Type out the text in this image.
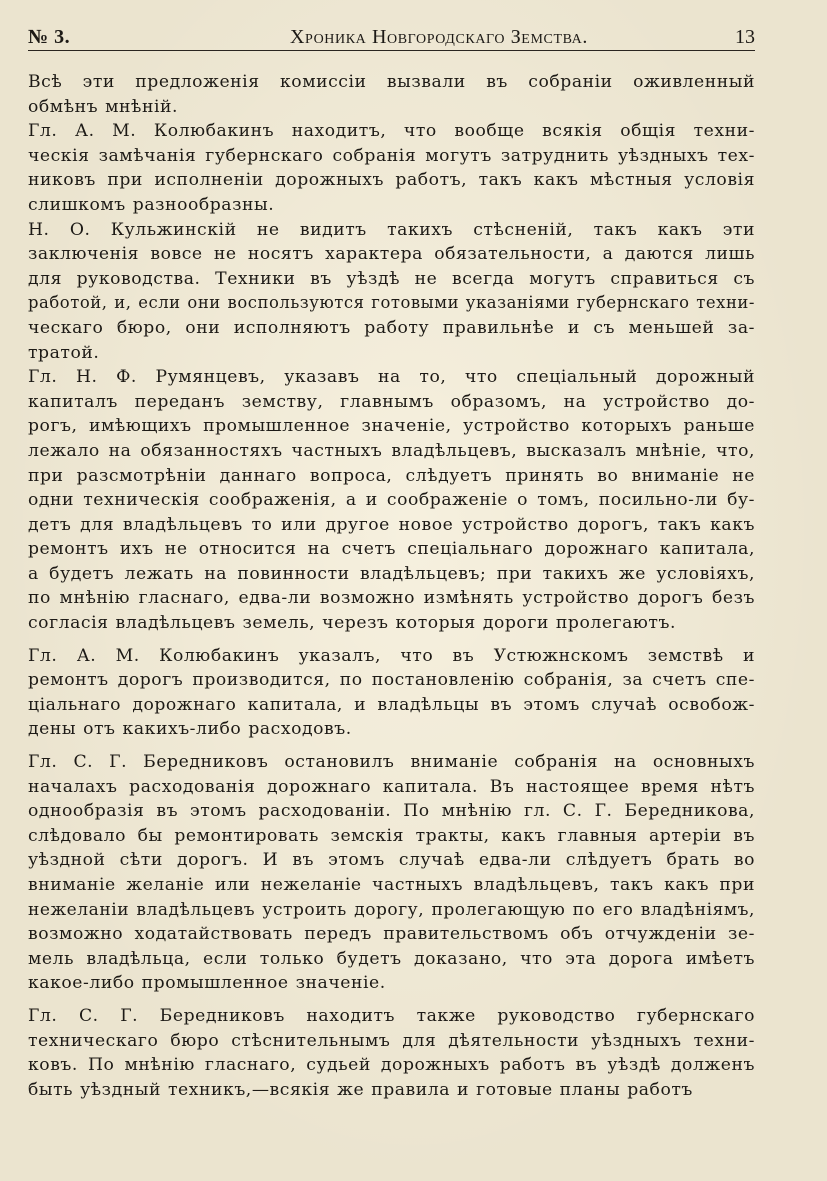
№ 3.	Хроника Новгородскаго Земства.	13
Всѣ эти предложенія комиссіи вызвали въ собраніи оживленный
обмѣнъ мнѣній.
Гл. А. М. Колюбакинъ находитъ, что вообще всякія общія техни-
ческія замѣчанія губернскаго собранія могутъ затруднить уѣздныхъ тех-
никовъ при исполненіи дорожныхъ работъ, такъ какъ мѣстныя условія
слишкомъ разнообразны.
Н. О. Кульжинскій не видитъ такихъ стѣсненій, такъ какъ эти
заключенія вовсе не носятъ характера обязательности, а даются лишь
для руководства. Техники въ уѣздѣ не всегда могутъ справиться съ
работой, и, если они воспользуются готовыми указаніями губернскаго техни-
ческаго бюро, они исполняютъ работу правильнѣе и съ меньшей за-
тратой.
Гл. Н. Ф. Румянцевъ, указавъ на то, что спеціальный дорожный
капиталъ переданъ земству, главнымъ образомъ, на устройство до-
рогъ, имѣющихъ промышленное значеніе, устройство которыхъ раньше
лежало на обязанностяхъ частныхъ владѣльцевъ, высказалъ мнѣніе, что,
при разсмотрѣніи даннаго вопроса, слѣдуетъ принять во вниманіе не
одни техническія соображенія, а и соображеніе о томъ, посильно-ли бу-
детъ для владѣльцевъ то или другое новое устройство дорогъ, такъ какъ
ремонтъ ихъ не относится на счетъ спеціальнаго дорожнаго капитала,
а будетъ лежать на повинности владѣльцевъ; при такихъ же условіяхъ,
по мнѣнію гласнаго, едва-ли возможно измѣнять устройство дорогъ безъ
согласія владѣльцевъ земель, черезъ которыя дороги пролегаютъ.
Гл. А. М. Колюбакинъ указалъ, что въ Устюжнскомъ земствѣ и
ремонтъ дорогъ производится, по постановленію собранія, за счетъ спе-
ціальнаго дорожнаго капитала, и владѣльцы въ этомъ случаѣ освобож-
дены отъ какихъ-либо расходовъ.
Гл. С. Г. Бередниковъ остановилъ вниманіе собранія на основныхъ
началахъ расходованія дорожнаго капитала. Въ настоящее время нѣтъ
однообразія въ этомъ расходованіи. По мнѣнію гл. С. Г. Бередникова,
слѣдовало бы ремонтировать земскія тракты, какъ главныя артеріи въ
уѣздной сѣти дорогъ. И въ этомъ случаѣ едва-ли слѣдуетъ брать во
вниманіе желаніе или нежеланіе частныхъ владѣльцевъ, такъ какъ при
нежеланіи владѣльцевъ устроить дорогу, пролегающую по его владѣніямъ,
возможно ходатайствовать передъ правительствомъ объ отчужденіи зе-
мель владѣльца, если только будетъ доказано, что эта дорога имѣетъ
какое-либо промышленное значеніе.
Гл. С. Г. Бередниковъ находитъ также руководство губернскаго
техническаго бюро стѣснительнымъ для дѣятельности уѣздныхъ техни-
ковъ. По мнѣнію гласнаго, судьей дорожныхъ работъ въ уѣздѣ долженъ
быть уѣздный техникъ,—всякія же правила и готовые планы работъ
